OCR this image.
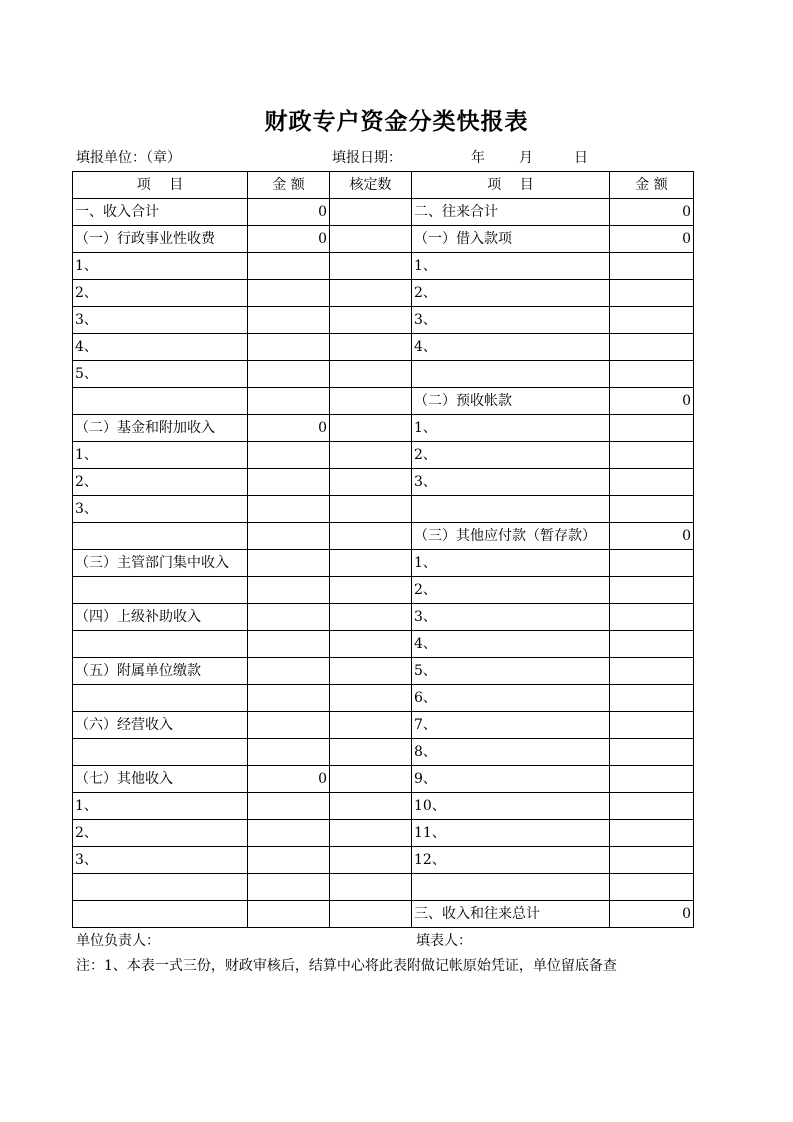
财政专户资金分类快报表
填报单位：（章）	填报日期：	年 月	日
项　 目	金 额	核定数	项　 目	金 额
一、收入合计	0		二、往来合计	0
（一）行政事业性收费	0		（一）借入款项	0
1、			1、	
2、			2、	
3、			3、	
4、			4、	
5、				
			（二）预收帐款	0
（二）基金和附加收入	0		1、	
1、			2、	
2、			3、	
3、				
			（三）其他应付款（暂存款）	0
（三）主管部门集中收入			1、	
			2、	
（四）上级补助收入			3、	
			4、	
（五）附属单位缴款			5、	
			6、	
（六）经营收入			7、	
			8、	
（七）其他收入	0		9、	
1、			10、	
2、			11、	
3、			12、	

			三、收入和往来总计	0
单位负责人：	填表人：
注：1、本表一式三份，财政审核后，结算中心将此表附做记帐原始凭证，单位留底备查
